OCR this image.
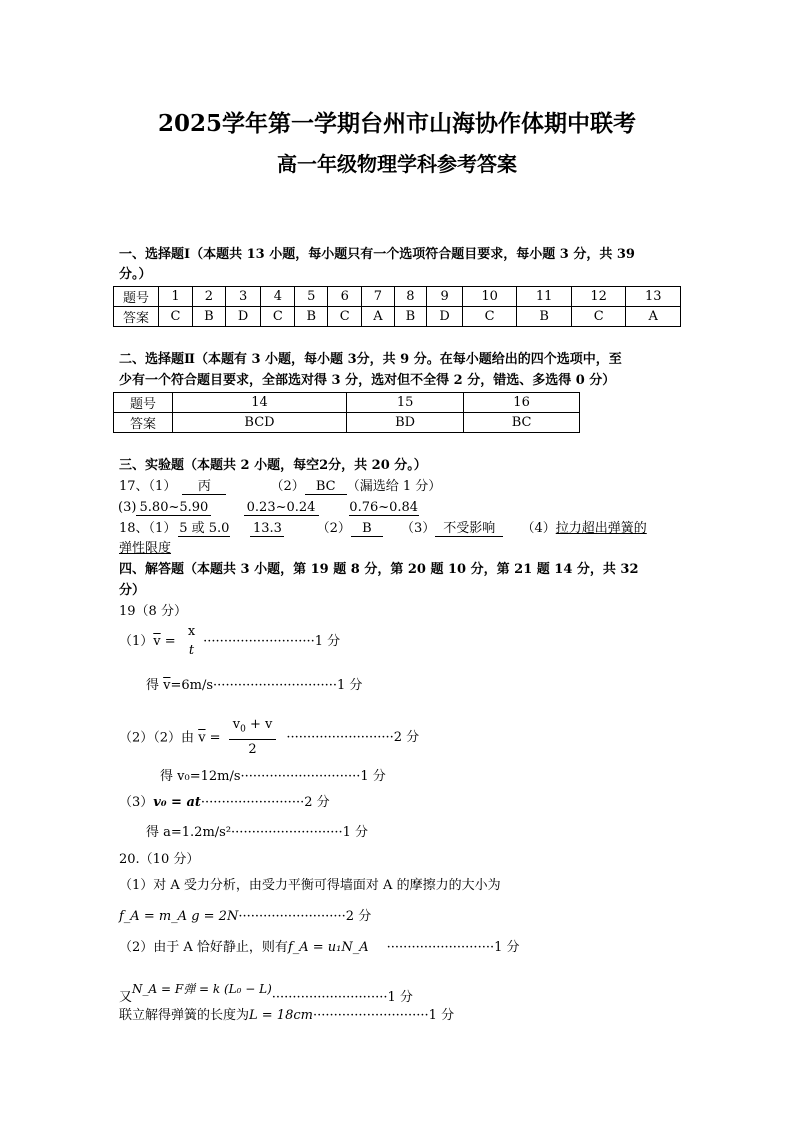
2025学年第一学期台州市山海协作体期中联考
高一年级物理学科参考答案
一、选择题Ⅰ（本题共 13 小题，每小题只有一个选项符合题目要求，每小题 3 分，共 39
分。）
题号	1	2	3	4	5	6	7	8	9	10	11	12	13
答案	C	B	D	C	B	C	A	B	D	C	B	C	A
二、选择题Ⅱ（本题有 3 小题，每小题 3分，共 9 分。在每小题给出的四个选项中，至
少有一个符合题目要求，全部选对得 3 分，选对但不全得 2 分，错选、多选得 0 分）
题号	14	15	16
答案	BCD	BD	BC
三、实验题（本题共 2 小题，每空2分，共 20 分。）
17、（1） 丙	（2） BC （漏选给 1 分）
(3) 5.80~5.90	0.23~0.24	0.76~0.84
18、（1） 5 或 5.0 13.3	（2） B （3） 不受影响 （4）拉力超出弹簧的
弹性限度
四、解答题（本题共 3 小题，第 19 题 8 分，第 20 题 10 分，第 21 题 14 分，共 32
分）
19（8 分）
$(1)\overline{v}$ =
x
t
···························1 分
得 $\overline{v}=6m/s\cdot\cdot\cdot\cdot\cdot\cdot\cdot\cdot\cdot\cdot\cdot\cdot\cdot\cdot\cdot\cdot\cdot\cdot\cdot\cdot\cdot\cdot\cdot\cdot\cdot\cdot\cdot\cdot\cdot\cdot 1$ 分
（2）（2）由 $\overline{v} = \frac{v_0 + v}{2} \cdot\cdot\cdot\cdot\cdot\cdot\cdot\cdot\cdot\cdot\cdot\cdot\cdot\cdot\cdot\cdot\cdot\cdot\cdot\cdot\cdot\cdot\cdot\cdot\cdot\cdot 2$ 分
得 v₀=12m/s·····························1 分
（3）v₀ = at·························2 分
得 a=1.2m/s²···························1 分
20.（10 分）
（1）对 A 受力分析，由受力平衡可得墙面对 A 的摩擦力的大小为
f_A = m_A g = 2N··························2 分
（2）由于 A 恰好静止，则有f_A = u₁N_A ··························1 分
又N_A = F弹 = k (L₀ − L)····························1 分
联立解得弹簧的长度为L = 18cm····························1 分
